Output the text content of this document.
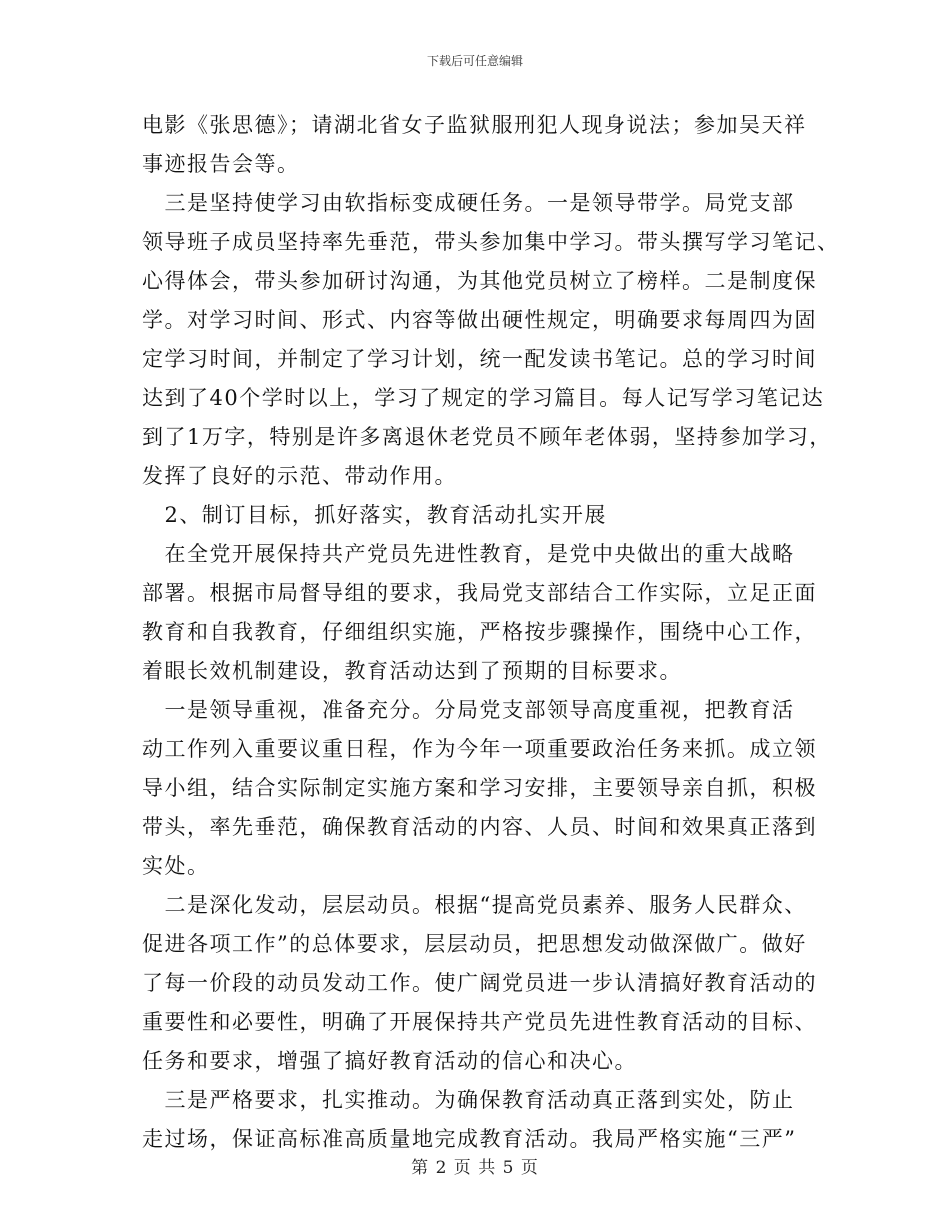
下载后可任意编辑

电影《张思德》；请湖北省女子监狱服刑犯人现身说法；参加吴天祥

事迹报告会等。

　三是坚持使学习由软指标变成硬任务。一是领导带学。局党支部

领导班子成员坚持率先垂范，带头参加集中学习。带头撰写学习笔记、

心得体会，带头参加研讨沟通，为其他党员树立了榜样。二是制度保

学。对学习时间、形式、内容等做出硬性规定，明确要求每周四为固

定学习时间，并制定了学习计划，统一配发读书笔记。总的学习时间

达到了40个学时以上，学习了规定的学习篇目。每人记写学习笔记达

到了1万字，特别是许多离退休老党员不顾年老体弱，坚持参加学习，

发挥了良好的示范、带动作用。

　2、制订目标，抓好落实，教育活动扎实开展

　在全党开展保持共产党员先进性教育，是党中央做出的重大战略

部署。根据市局督导组的要求，我局党支部结合工作实际，立足正面

教育和自我教育，仔细组织实施，严格按步骤操作，围绕中心工作，

着眼长效机制建设，教育活动达到了预期的目标要求。

　一是领导重视，准备充分。分局党支部领导高度重视，把教育活

动工作列入重要议重日程，作为今年一项重要政治任务来抓。成立领

导小组，结合实际制定实施方案和学习安排，主要领导亲自抓，积极

带头，率先垂范，确保教育活动的内容、人员、时间和效果真正落到

实处。

　二是深化发动，层层动员。根据“提高党员素养、服务人民群众、

促进各项工作”的总体要求，层层动员，把思想发动做深做广。做好

了每一价段的动员发动工作。使广阔党员进一步认清搞好教育活动的

重要性和必要性，明确了开展保持共产党员先进性教育活动的目标、

任务和要求，增强了搞好教育活动的信心和决心。

　三是严格要求，扎实推动。为确保教育活动真正落到实处，防止

走过场，保证高标准高质量地完成教育活动。我局严格实施“三严”

第 2 页 共 5 页
